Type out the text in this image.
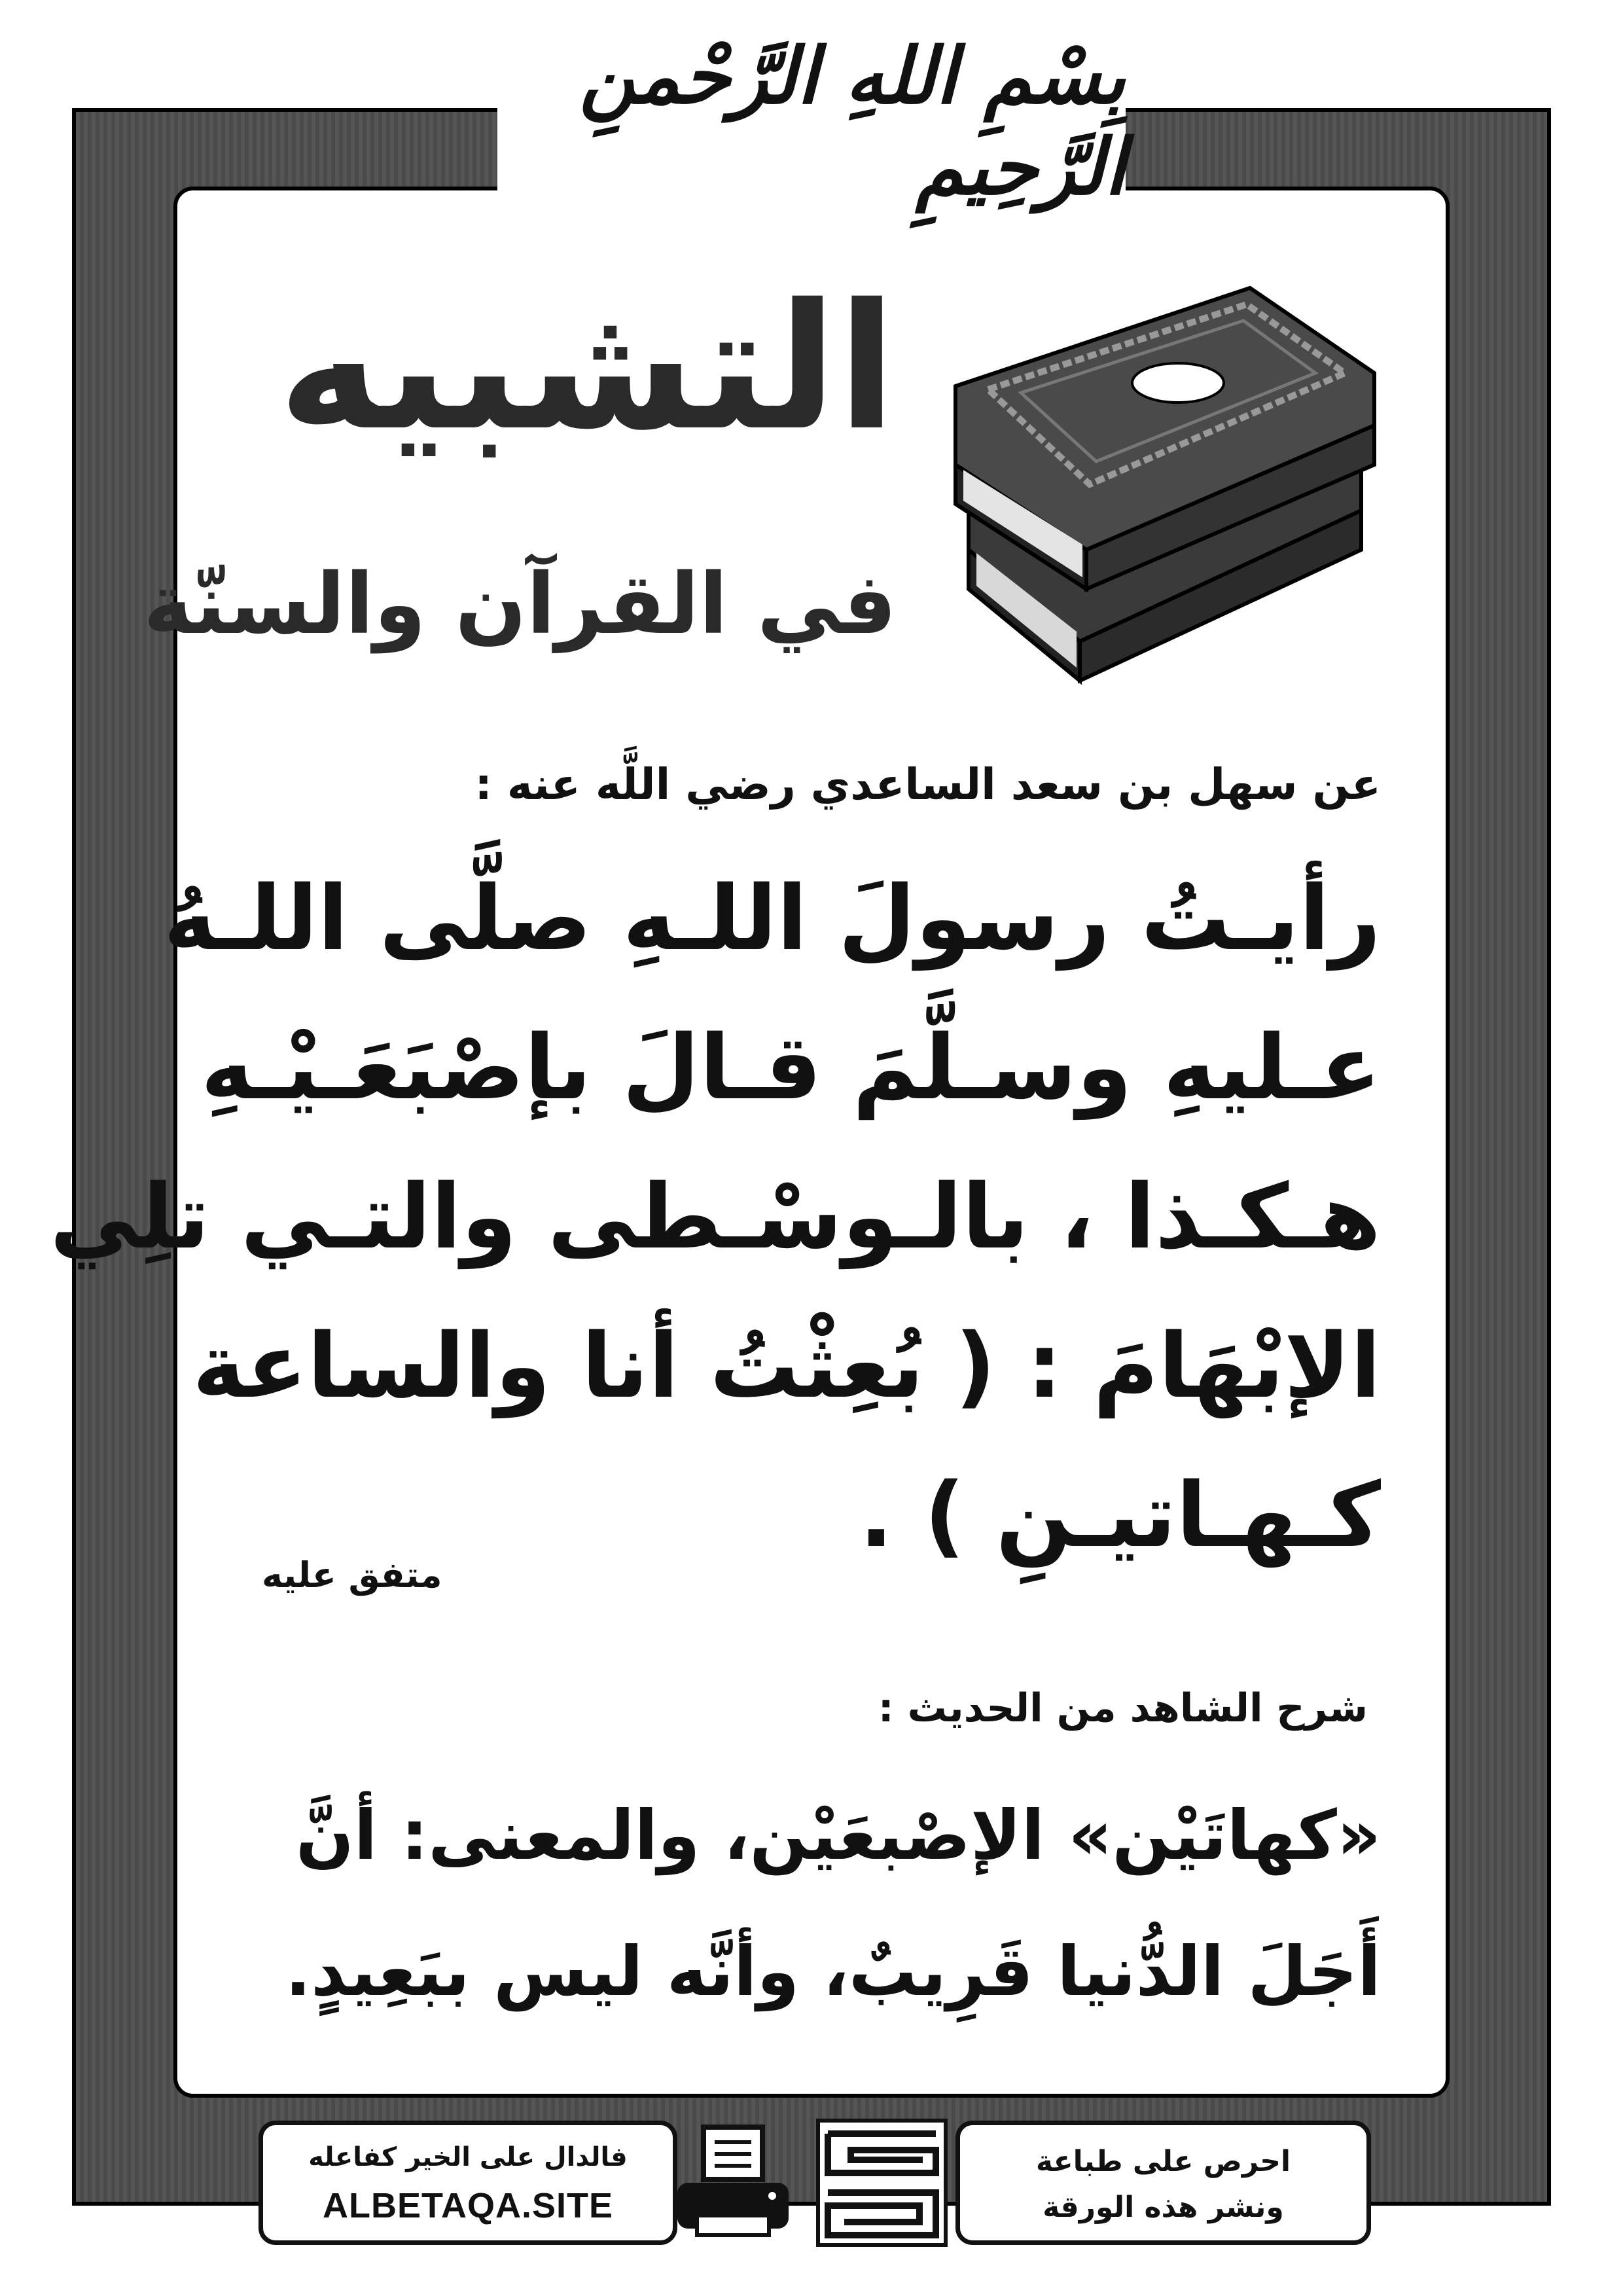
بِسْمِ اللهِ الرَّحْمنِ الرَّحِيمِ
التشبيه
في القرآن والسنّة
عن سهل بن سعد الساعدي رضي اللَّه عنه :
رأيـتُ رسولَ اللـهِ صلَّى اللـهُ
عـليهِ وسـلَّمَ قـالَ بإصْبَعَـيْـهِ
هـكـذا ، بالـوسْـطى والتـي تلِي
الإبْهَامَ : ( بُعِثْتُ أنا والساعة
كـهـاتيـنِ ) .
متفق عليه
شرح الشاهد من الحديث :
«كهاتَيْن» الإصْبعَيْن، والمعنى: أنَّ
أَجَلَ الدُّنيا قَرِيبٌ، وأنَّه ليس ببَعِيدٍ.
فالدال على الخير كفاعله
ALBETAQA.SITE
احرص على طباعة
ونشر هذه الورقة
